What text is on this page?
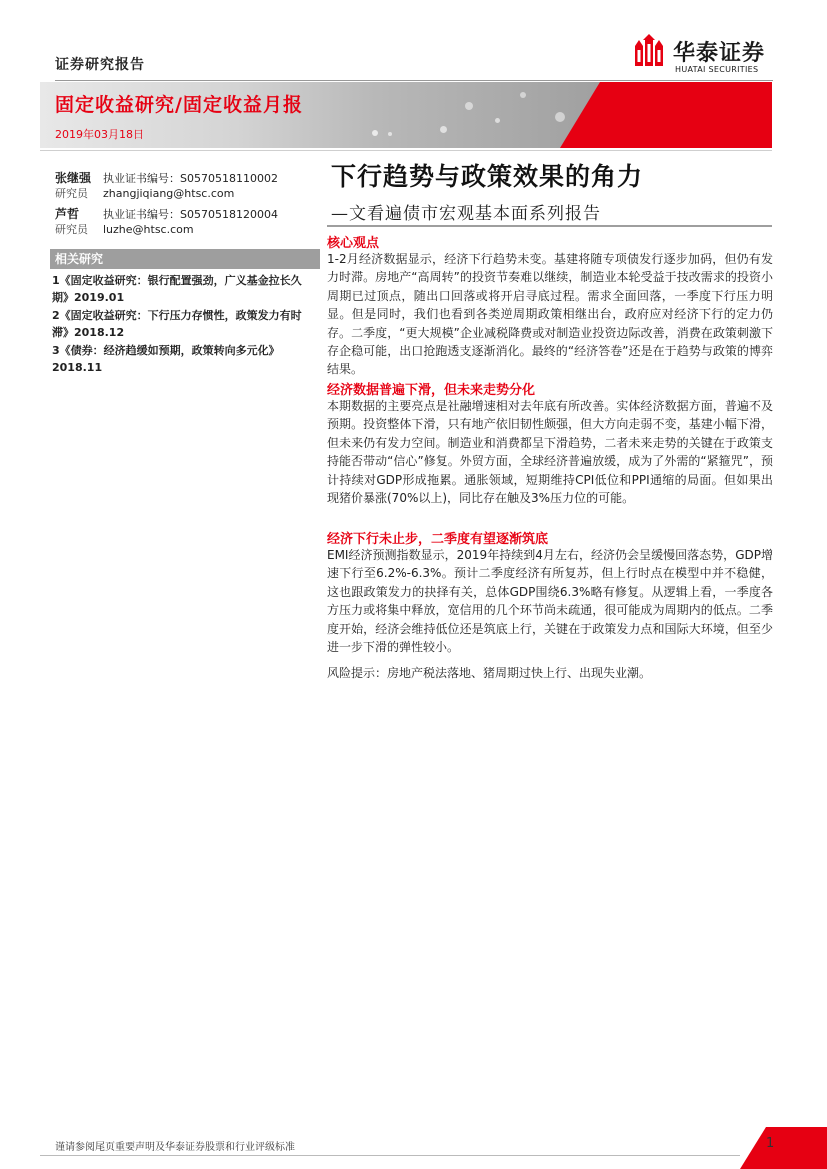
证券研究报告	华泰证券
HUATAI SECURITIES
固定收益研究/固定收益月报
2019年03月18日
张继强 执业证书编号：S0570518110002
研究员 zhangjiqiang@htsc.com
芦哲 执业证书编号：S0570518120004
研究员 luzhe@htsc.com
相关研究
1《固定收益研究：银行配置强劲，广义基金拉长久期》2019.01
2《固定收益研究：下行压力存惯性，政策发力有时滞》2018.12
3《债券：经济趋缓如预期，政策转向多元化》2018.11
下行趋势与政策效果的角力
—文看遍债市宏观基本面系列报告
核心观点
1-2月经济数据显示，经济下行趋势未变。基建将随专项债发行逐步加码，但仍有发力时滞。房地产“高周转”的投资节奏难以继续，制造业本轮受益于技改需求的投资小周期已过顶点，随出口回落或将开启寻底过程。需求全面回落，一季度下行压力明显。但是同时，我们也看到各类逆周期政策相继出台，政府应对经济下行的定力仍存。二季度，“更大规模”企业减税降费或对制造业投资边际改善，消费在政策刺激下存企稳可能，出口抢跑透支逐渐消化。最终的“经济答卷”还是在于趋势与政策的博弈结果。
经济数据普遍下滑，但未来走势分化
本期数据的主要亮点是社融增速相对去年底有所改善。实体经济数据方面，普遍不及预期。投资整体下滑，只有地产依旧韧性颇强，但大方向走弱不变，基建小幅下滑，但未来仍有发力空间。制造业和消费都呈下滑趋势，二者未来走势的关键在于政策支持能否带动“信心”修复。外贸方面，全球经济普遍放缓，成为了外需的“紧箍咒”，预计持续对GDP形成拖累。通胀领域，短期维持CPI低位和PPI通缩的局面。但如果出现猪价暴涨(70%以上)，同比存在触及3%压力位的可能。
经济下行未止步，二季度有望逐渐筑底
EMI经济预测指数显示，2019年持续到4月左右，经济仍会呈缓慢回落态势，GDP增速下行至6.2%-6.3%。预计二季度经济有所复苏，但上行时点在模型中并不稳健，这也跟政策发力的抉择有关，总体GDP围绕6.3%略有修复。从逻辑上看，一季度各方压力或将集中释放，宽信用的几个环节尚未疏通，很可能成为周期内的低点。二季度开始，经济会维持低位还是筑底上行，关键在于政策发力点和国际大环境，但至少进一步下滑的弹性较小。
风险提示：房地产税法落地、猪周期过快上行、出现失业潮。
谨请参阅尾页重要声明及华泰证券股票和行业评级标准	1
